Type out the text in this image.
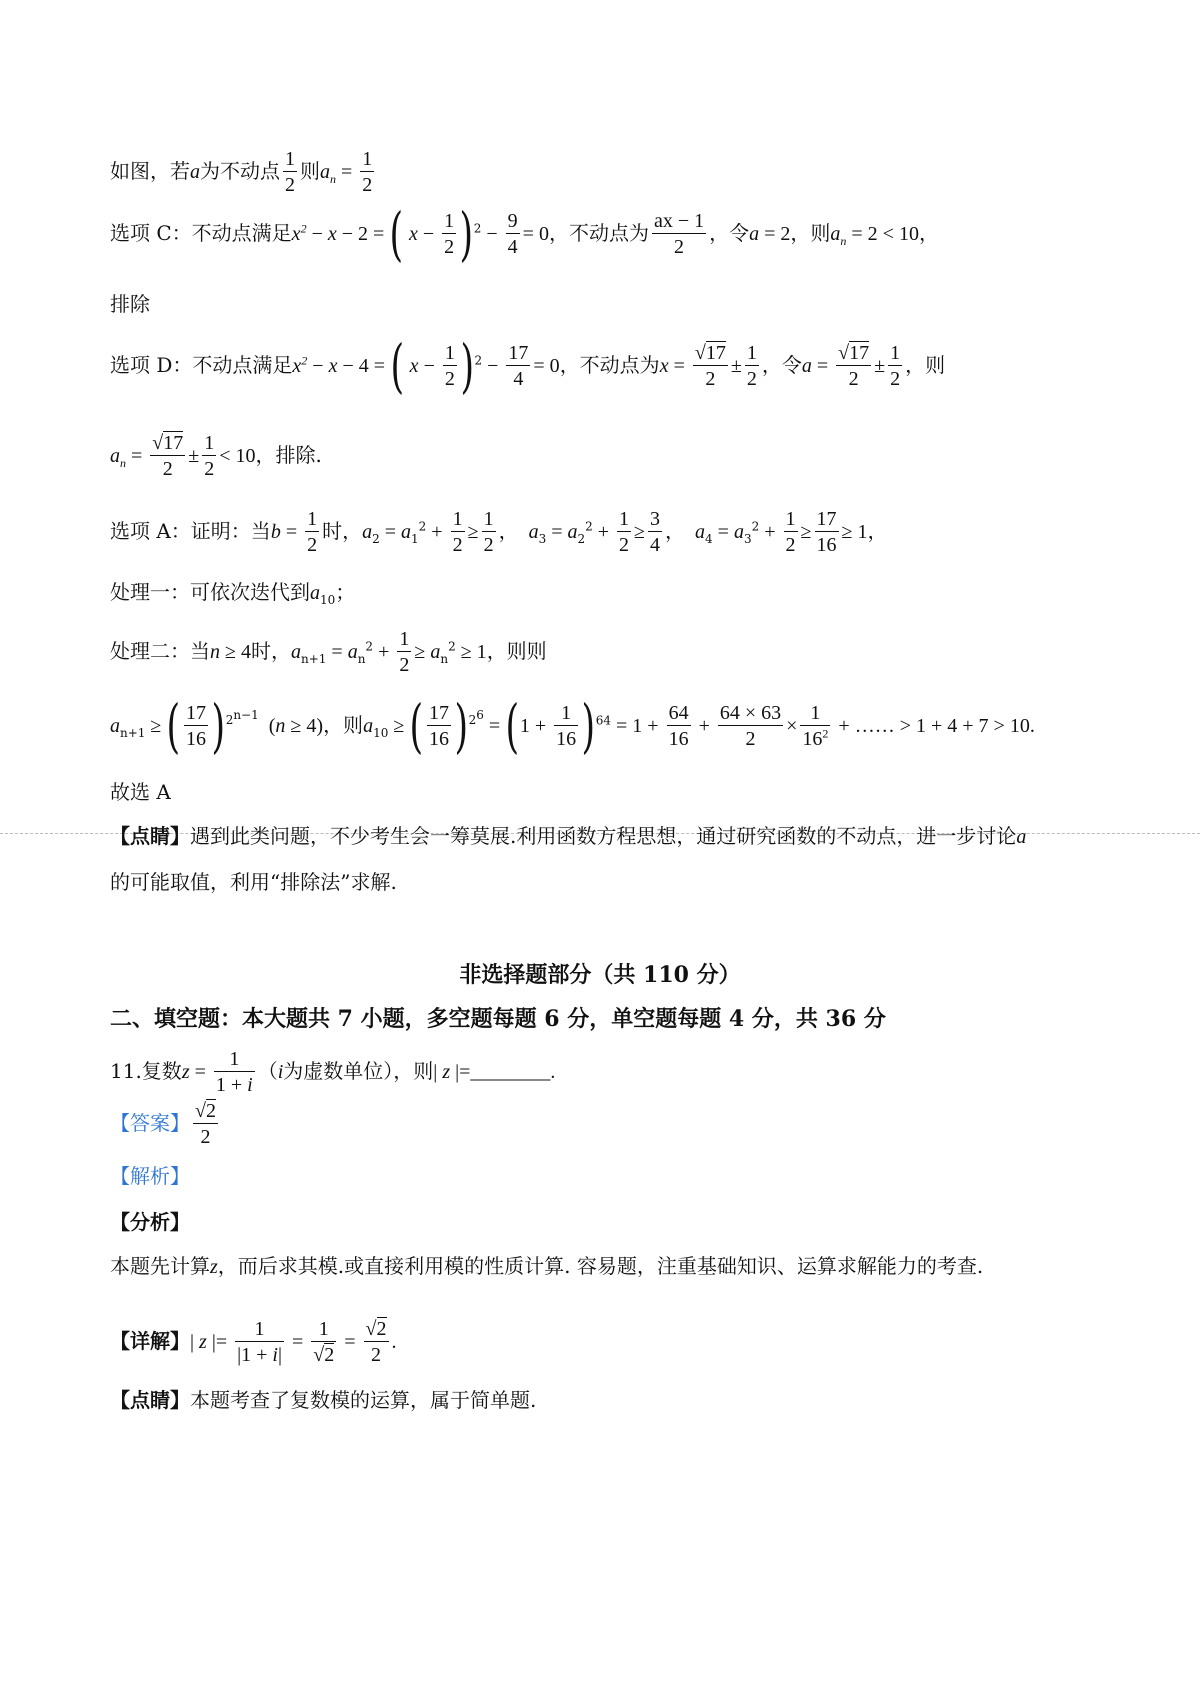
如图，若a为不动点 $\frac{1}{2}$ 则$a_n = \frac{1}{2}$
选项 C：不动点满足$x^2 - x - 2$ = ( $x - \frac{1}{2} )^2 - \frac{9}{4} = 0$，不动点为 $\frac{ax - 1}{2}$ ，令a = 2，则$a_n = 2 < 10$，
排除
选项 D：不动点满足$x^2 - x - 4$ = ( $x - \frac{1}{2} )^2 - \frac{17}{4} = 0$，不动点为$x = \frac{√17}{2} \pm \frac{1}{2}$ ，令$a = \frac{√17}{2} \pm \frac{1}{2}$ ，则
$a_n = \frac{√17}{2} \pm \frac{1}{2} < 10$，排除.
选项 A：证明：当$b = \frac{1}{2}$ 时，$a_2 = a_1^2 + \frac{1}{2} \ge \frac{1}{2}$ ，  $a_3 = a_2^2 + \frac{1}{2} \ge \frac{3}{4}$ ，  $a_4 = a_3^2 + \frac{1}{2} \ge \frac{17}{16} \ge 1$，
处理一：可依次迭代到$a_{10}$；
处理二：当n ≥ 4时，$a_{n+1} = a_n^2 + \frac{1}{2} \ge a_n^2 \ge 1$，则则
$a_{n+1}$ ≥ ( $\frac{17}{16} )^{2^{n-1}}$  (n ≥ 4)，则$a_{10}$ ≥ ( $\frac{17}{16} )^{2^6} = (1 + \frac{1}{16} )^{64} = 1 + \frac{64}{16} + \frac{64 \times 63}{2} \times \frac{1}{16^2}$ + …… > 1 + 4 + 7 > 10.
故选 A
【点睛】遇到此类问题，不少考生会一筹莫展.利用函数方程思想，通过研究函数的不动点，进一步讨论a
的可能取值，利用“排除法”求解.
非选择题部分（共 110 分）
二、填空题：本大题共 7 小题，多空题每题 6 分，单空题每题 4 分，共 36 分
11.复数$z = \frac{1}{1 + i} (i$为虚数单位），则| z |=________.
【答案】 $\frac{√2}{2}$
【解析】
【分析】
本题先计算z，而后求其模.或直接利用模的性质计算. 容易题，注重基础知识、运算求解能力的考查.
【详解】| z |= $\frac{1}{|1 + i|} = \frac{1}{√2} = \frac{√2}{2}$ .
【点睛】本题考查了复数模的运算，属于简单题.
